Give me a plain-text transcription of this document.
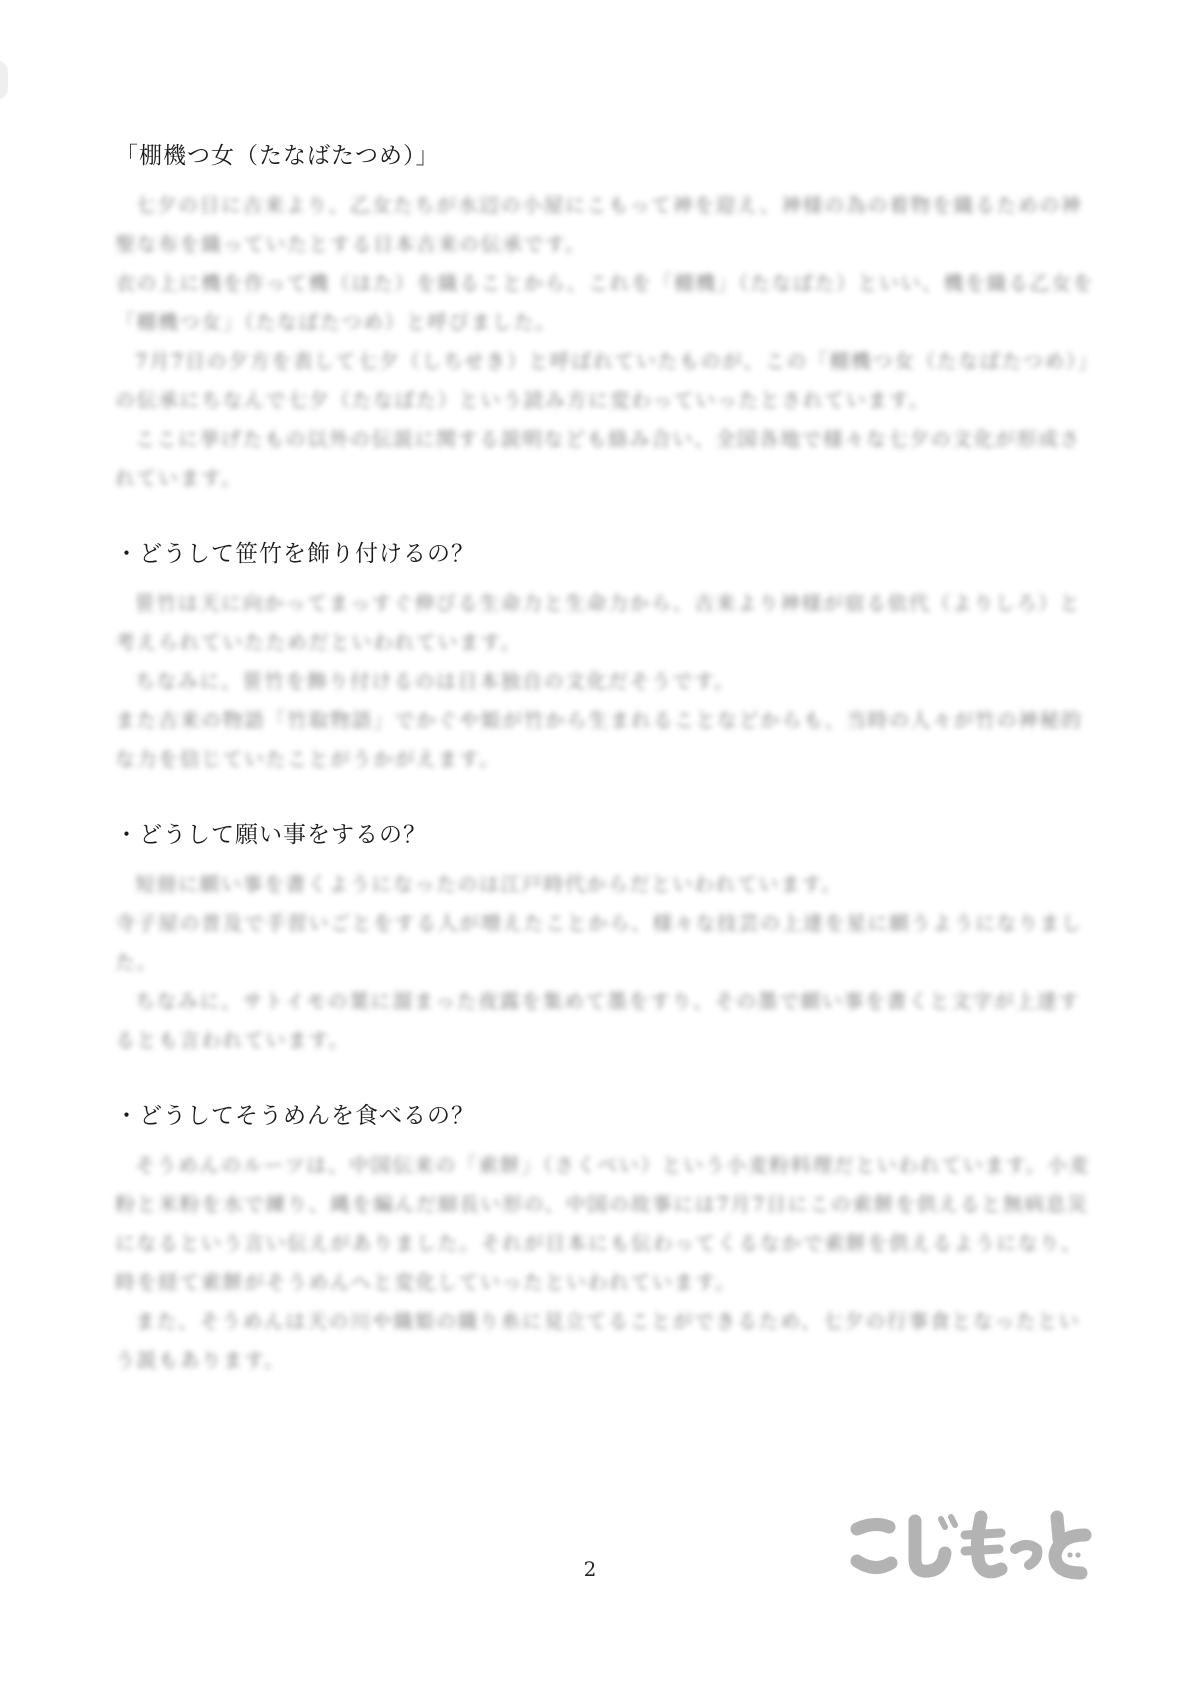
「棚機つ女（たなばたつめ）」

七夕の日に古来より、乙女たちが水辺の小屋にこもって神を迎え、神様の為の着物を織るための神聖な布を織っていたとする日本古来の伝承です。

衣の上に機を作って機（はた）を織ることから、これを「棚機」（たなばた）といい、機を織る乙女を「棚機つ女」（たなばたつめ）と呼びました。

7月7日の夕方を表して七夕（しちせき）と呼ばれていたものが、この「棚機つ女（たなばたつめ）」の伝承にちなんで七夕（たなばた）という読み方に変わっていったとされています。

ここに挙げたもの以外の伝説に関する説明なども絡み合い、全国各地で様々な七夕の文化が形成されています。

・どうして笹竹を飾り付けるの？

笹竹は天に向かってまっすぐ伸びる生命力と生命力から、古来より神様が宿る依代（よりしろ）と考えられていたためだといわれています。

ちなみに、笹竹を飾り付けるのは日本独自の文化だそうです。

また古来の物語「竹取物語」でかぐや姫が竹から生まれることなどからも、当時の人々が竹の神秘的な力を信じていたことがうかがえます。

・どうして願い事をするの？

短冊に願い事を書くようになったのは江戸時代からだといわれています。

寺子屋の普及で手習いごとをする人が増えたことから、様々な技芸の上達を星に願うようになりました。

ちなみに、サトイモの葉に溜まった夜露を集めて墨をすり、その墨で願い事を書くと文字が上達するとも言われています。

・どうしてそうめんを食べるの？

そうめんのルーツは、中国伝来の「索餅」（さくべい）という小麦粉料理だといわれています。小麦粉と米粉を水で練り、縄を編んだ細長い形の、中国の故事には7月7日にこの索餅を供えると無病息災になるという言い伝えがありました。それが日本にも伝わってくるなかで索餅を供えるようになり、時を経て索餅がそうめんへと変化していったといわれています。

また、そうめんは天の川や織姫の織り糸に見立てることができるため、七夕の行事食となったという説もあります。

2
